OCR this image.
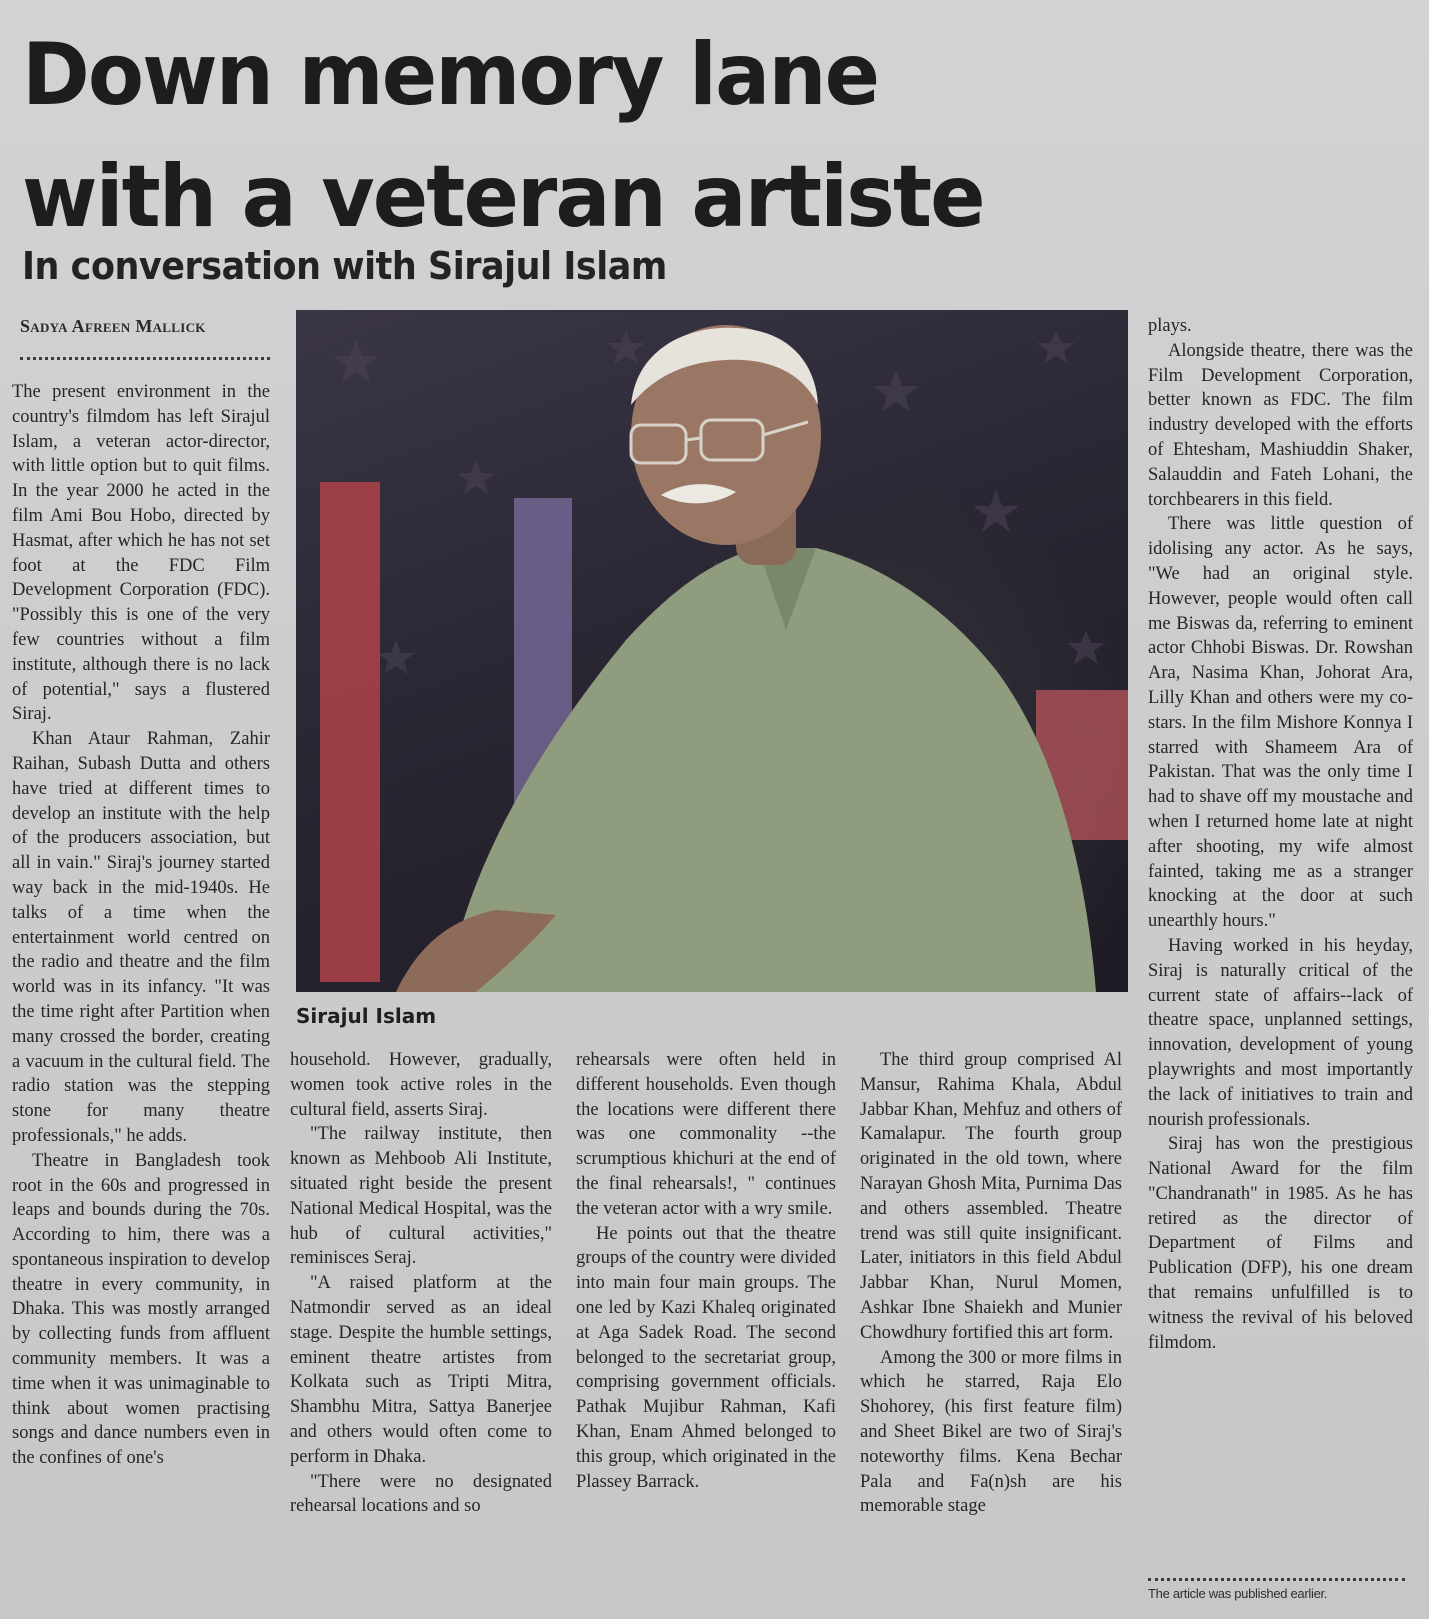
Down memory lane with a veteran artiste
In conversation with Sirajul Islam
Sadya Afreen Mallick

The present environment in the country's filmdom has left Sirajul Islam, a veteran actor-director, with little option but to quit films. In the year 2000 he acted in the film Ami Bou Hobo, directed by Hasmat, after which he has not set foot at the FDC Film Development Corporation (FDC). "Possibly this is one of the very few countries without a film institute, although there is no lack of potential," says a flustered Siraj.

Khan Ataur Rahman, Zahir Raihan, Subash Dutta and others have tried at different times to develop an institute with the help of the producers association, but all in vain." Siraj's journey started way back in the mid-1940s. He talks of a time when the entertainment world centred on the radio and theatre and the film world was in its infancy. "It was the time right after Partition when many crossed the border, creating a vacuum in the cultural field. The radio station was the stepping stone for many theatre professionals," he adds.

Theatre in Bangladesh took root in the 60s and progressed in leaps and bounds during the 70s. According to him, there was a spontaneous inspiration to develop theatre in every community, in Dhaka. This was mostly arranged by collecting funds from affluent community members. It was a time when it was unimaginable to think about women practising songs and dance numbers even in the confines of one's

Sirajul Islam

household. However, gradually, women took active roles in the cultural field, asserts Siraj.

"The railway institute, then known as Mehboob Ali Institute, situated right beside the present National Medical Hospital, was the hub of cultural activities," reminisces Seraj.

"A raised platform at the Natmondir served as an ideal stage. Despite the humble settings, eminent theatre artistes from Kolkata such as Tripti Mitra, Shambhu Mitra, Sattya Banerjee and others would often come to perform in Dhaka.

"There were no designated rehearsal locations and so

rehearsals were often held in different households. Even though the locations were different there was one commonality --the scrumptious khichuri at the end of the final rehearsals!, " continues the veteran actor with a wry smile.

He points out that the theatre groups of the country were divided into main four main groups. The one led by Kazi Khaleq originated at Aga Sadek Road. The second belonged to the secretariat group, comprising government officials. Pathak Mujibur Rahman, Kafi Khan, Enam Ahmed belonged to this group, which originated in the Plassey Barrack.

The third group comprised Al Mansur, Rahima Khala, Abdul Jabbar Khan, Mehfuz and others of Kamalapur. The fourth group originated in the old town, where Narayan Ghosh Mita, Purnima Das and others assembled. Theatre trend was still quite insignificant. Later, initiators in this field Abdul Jabbar Khan, Nurul Momen, Ashkar Ibne Shaiekh and Munier Chowdhury fortified this art form.

Among the 300 or more films in which he starred, Raja Elo Shohorey, (his first feature film) and Sheet Bikel are two of Siraj's noteworthy films. Kena Bechar Pala and Fa(n)sh are his memorable stage

plays.

Alongside theatre, there was the Film Development Corporation, better known as FDC. The film industry developed with the efforts of Ehtesham, Mashiuddin Shaker, Salauddin and Fateh Lohani, the torchbearers in this field.

There was little question of idolising any actor. As he says, "We had an original style. However, people would often call me Biswas da, referring to eminent actor Chhobi Biswas. Dr. Rowshan Ara, Nasima Khan, Johorat Ara, Lilly Khan and others were my co-stars. In the film Mishore Konnya I starred with Shameem Ara of Pakistan. That was the only time I had to shave off my moustache and when I returned home late at night after shooting, my wife almost fainted, taking me as a stranger knocking at the door at such unearthly hours."

Having worked in his heyday, Siraj is naturally critical of the current state of affairs--lack of theatre space, unplanned settings, innovation, development of young playwrights and most importantly the lack of initiatives to train and nourish professionals.

Siraj has won the prestigious National Award for the film "Chandranath" in 1985. As he has retired as the director of Department of Films and Publication (DFP), his one dream that remains unfulfilled is to witness the revival of his beloved filmdom.

The article was published earlier.
